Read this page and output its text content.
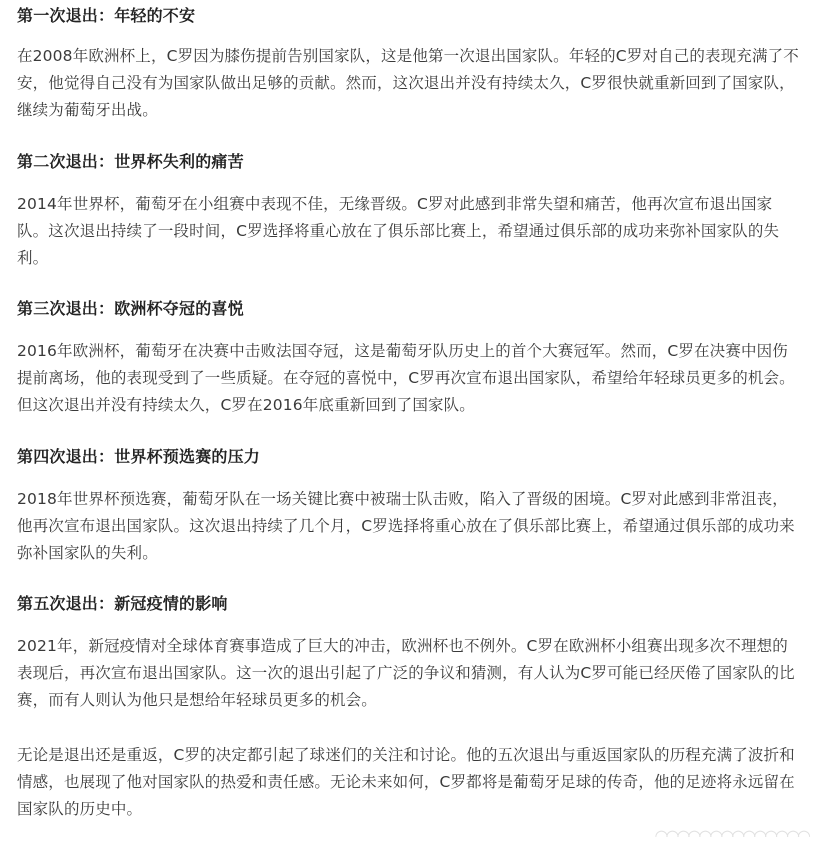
第一次退出：年轻的不安

在2008年欧洲杯上，C罗因为膝伤提前告别国家队，这是他第一次退出国家队。年轻的C罗对自己的表现充满了不安，他觉得自己没有为国家队做出足够的贡献。然而，这次退出并没有持续太久，C罗很快就重新回到了国家队，继续为葡萄牙出战。

第二次退出：世界杯失利的痛苦

2014年世界杯，葡萄牙在小组赛中表现不佳，无缘晋级。C罗对此感到非常失望和痛苦，他再次宣布退出国家队。这次退出持续了一段时间，C罗选择将重心放在了俱乐部比赛上，希望通过俱乐部的成功来弥补国家队的失利。

第三次退出：欧洲杯夺冠的喜悦

2016年欧洲杯，葡萄牙在决赛中击败法国夺冠，这是葡萄牙队历史上的首个大赛冠军。然而，C罗在决赛中因伤提前离场，他的表现受到了一些质疑。在夺冠的喜悦中，C罗再次宣布退出国家队，希望给年轻球员更多的机会。但这次退出并没有持续太久，C罗在2016年底重新回到了国家队。

第四次退出：世界杯预选赛的压力

2018年世界杯预选赛，葡萄牙队在一场关键比赛中被瑞士队击败，陷入了晋级的困境。C罗对此感到非常沮丧，他再次宣布退出国家队。这次退出持续了几个月，C罗选择将重心放在了俱乐部比赛上，希望通过俱乐部的成功来弥补国家队的失利。

第五次退出：新冠疫情的影响

2021年，新冠疫情对全球体育赛事造成了巨大的冲击，欧洲杯也不例外。C罗在欧洲杯小组赛出现多次不理想的表现后，再次宣布退出国家队。这一次的退出引起了广泛的争议和猜测，有人认为C罗可能已经厌倦了国家队的比赛，而有人则认为他只是想给年轻球员更多的机会。

无论是退出还是重返，C罗的决定都引起了球迷们的关注和讨论。他的五次退出与重返国家队的历程充满了波折和情感，也展现了他对国家队的热爱和责任感。无论未来如何，C罗都将是葡萄牙足球的传奇，他的足迹将永远留在国家队的历史中。

◠◠◠◠◠◠◠◠◠◠◠◠◠◠
